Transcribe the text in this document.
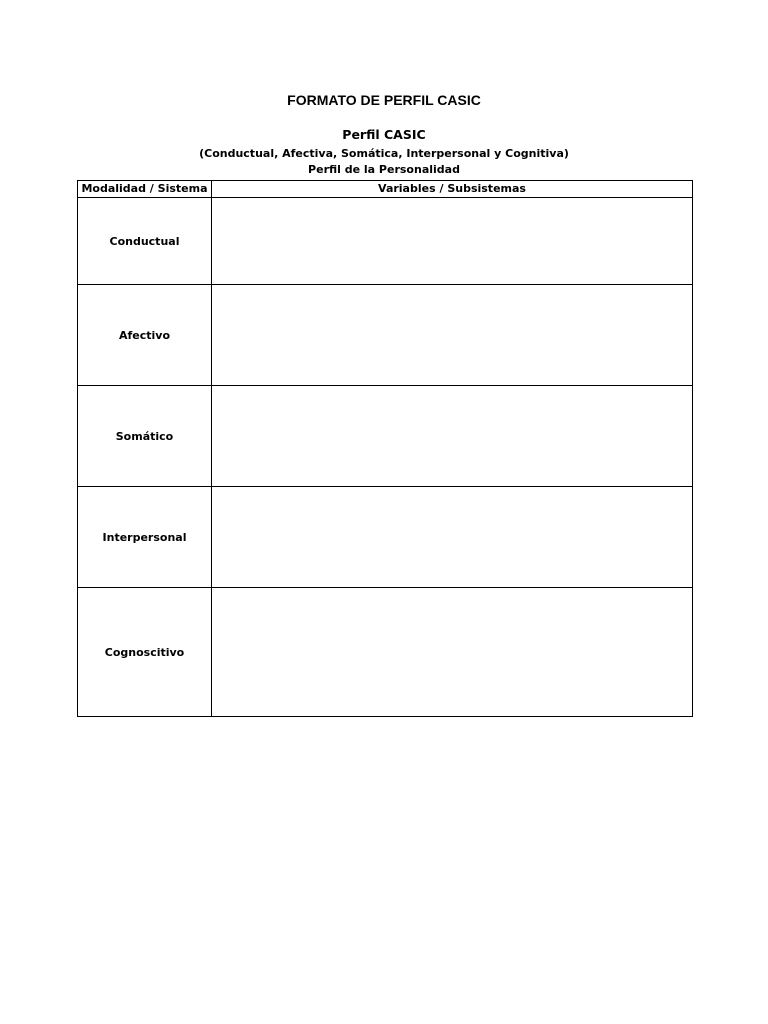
FORMATO DE PERFIL CASIC
Perfil CASIC
(Conductual, Afectiva, Somática, Interpersonal y Cognitiva)
Perfil de la Personalidad
Modalidad / Sistema	Variables / Subsistemas
Conductual	
Afectivo	
Somático	
Interpersonal	
Cognoscitivo	
